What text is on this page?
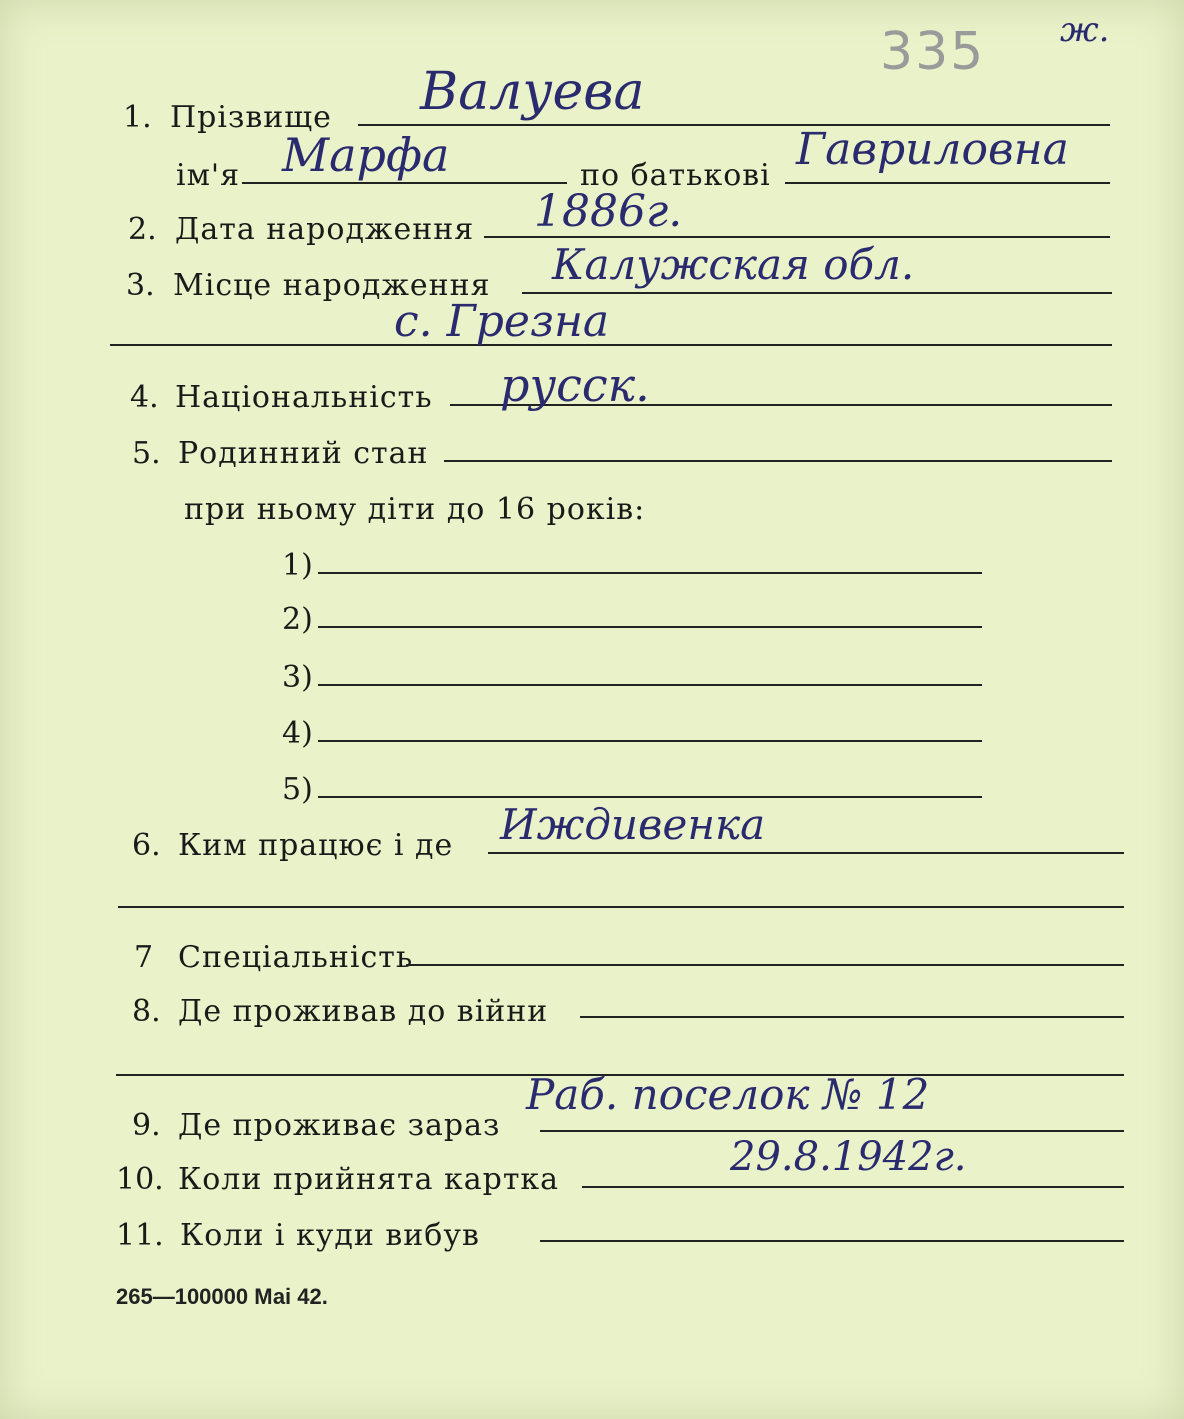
335 ж.
1. Прізвище Валуева
ім'я Марфа	по батькові
Гавриловна
2. Дата народження 1886г.
3. Місце народження Калужская обл.
с. Грезна
4. Національність русск.
5. Родинний стан
при ньому діти до 16 років:
1)
2)
3)
4)
5)
6. Ким працює і де Иждивенка
7 Спеціальність
8. Де проживав до війни
9. Де проживає зараз
Раб. поселок № 12
10. Коли прийнята картка	29.8.1942г.
11. Коли і куди вибув
265—100000 Маі 42.
